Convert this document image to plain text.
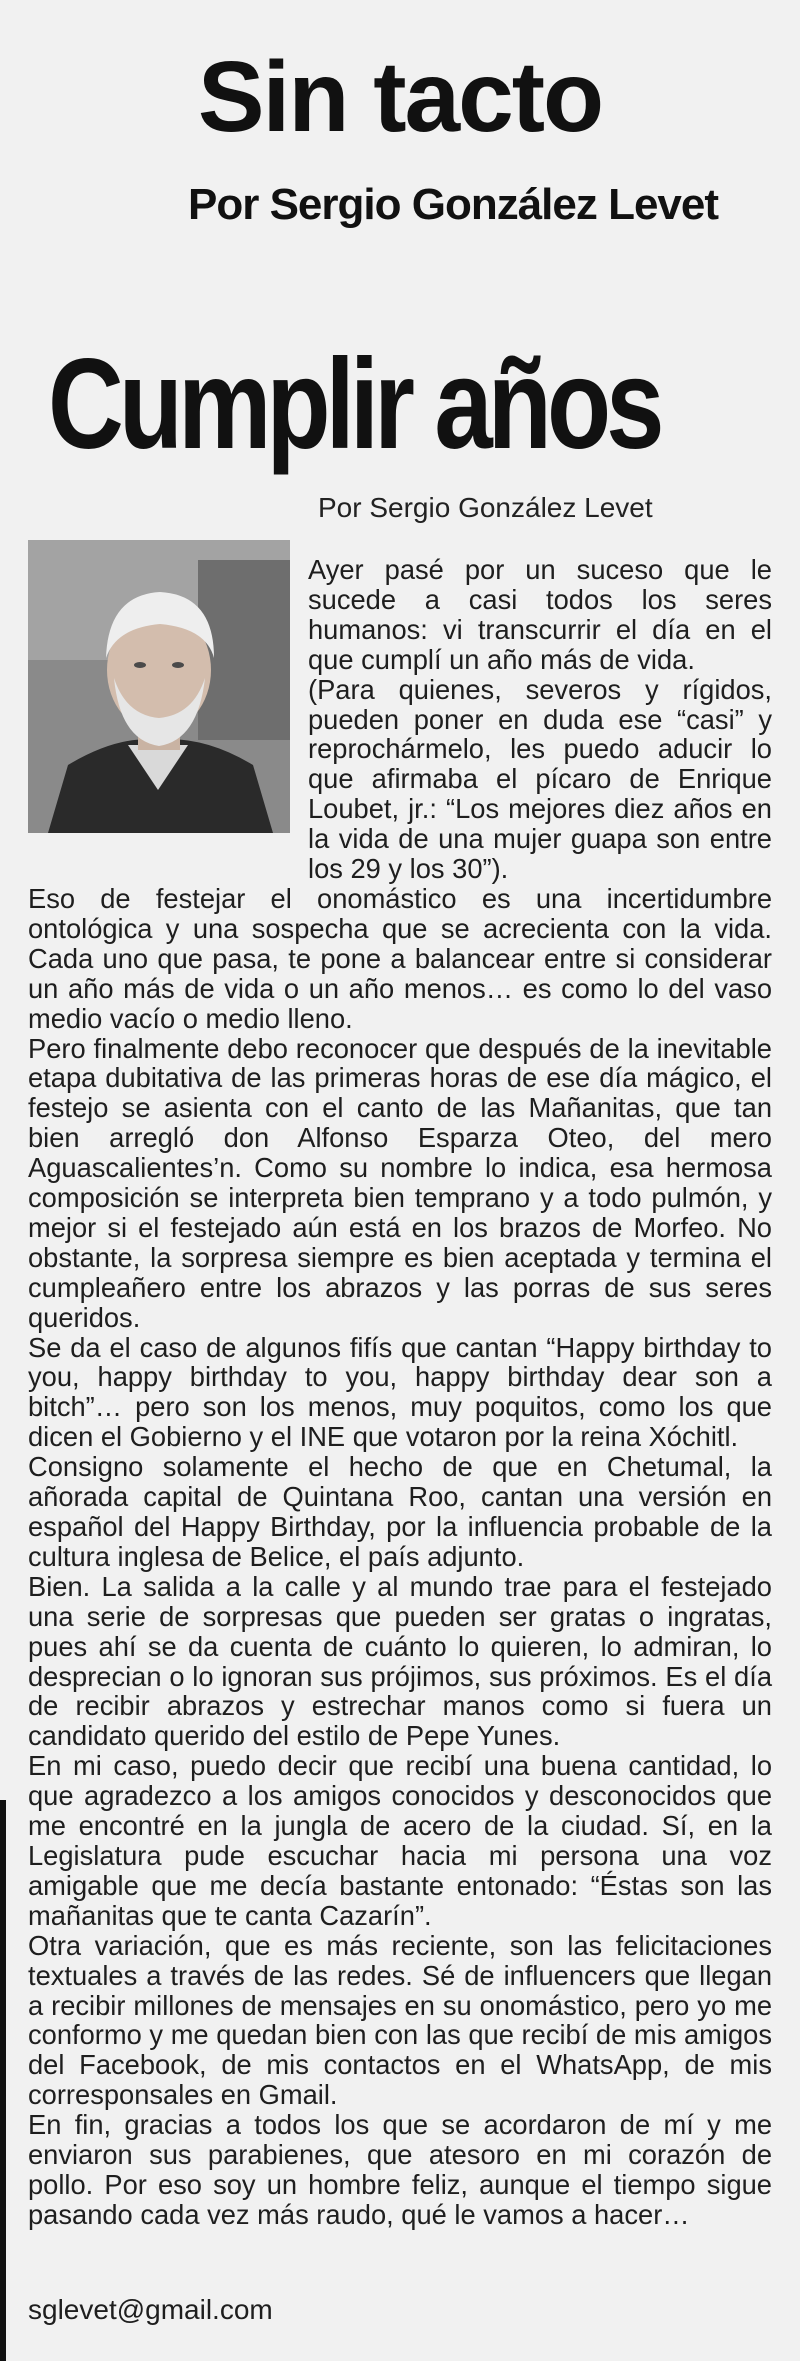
Sin tacto
Por Sergio González Levet
Cumplir años
Por Sergio González Levet

Ayer pasé por un suceso que le sucede a casi todos los seres humanos: vi transcurrir el día en el que cumplí un año más de vida.

(Para quienes, severos y rígidos, pueden poner en duda ese “casi” y reprochármelo, les puedo aducir lo que afirmaba el pícaro de Enrique Loubet, jr.: “Los mejores diez años en la vida de una mujer guapa son entre los 29 y los 30”).

Eso de festejar el onomástico es una incertidumbre ontológica y una sospecha que se acrecienta con la vida. Cada uno que pasa, te pone a balancear entre si considerar un año más de vida o un año menos… es como lo del vaso medio vacío o medio lleno.

Pero finalmente debo reconocer que después de la inevitable etapa dubitativa de las primeras horas de ese día mágico, el festejo se asienta con el canto de las Mañanitas, que tan bien arregló don Alfonso Esparza Oteo, del mero Aguascalientes’n. Como su nombre lo indica, esa hermosa composición se interpreta bien temprano y a todo pulmón, y mejor si el festejado aún está en los brazos de Morfeo. No obstante, la sorpresa siempre es bien aceptada y termina el cumpleañero entre los abrazos y las porras de sus seres queridos.

Se da el caso de algunos fifís que cantan “Happy birthday to you, happy birthday to you, happy birthday dear son a bitch”… pero son los menos, muy poquitos, como los que dicen el Gobierno y el INE que votaron por la reina Xóchitl.

Consigno solamente el hecho de que en Chetumal, la añorada capital de Quintana Roo, cantan una versión en español del Happy Birthday, por la influencia probable de la cultura inglesa de Belice, el país adjunto.

Bien. La salida a la calle y al mundo trae para el festejado una serie de sorpresas que pueden ser gratas o ingratas, pues ahí se da cuenta de cuánto lo quieren, lo admiran, lo desprecian o lo ignoran sus prójimos, sus próximos. Es el día de recibir abrazos y estrechar manos como si fuera un candidato querido del estilo de Pepe Yunes.

En mi caso, puedo decir que recibí una buena cantidad, lo que agradezco a los amigos conocidos y desconocidos que me encontré en la jungla de acero de la ciudad. Sí, en la Legislatura pude escuchar hacia mi persona una voz amigable que me decía bastante entonado: “Éstas son las mañanitas que te canta Cazarín”.

Otra variación, que es más reciente, son las felicitaciones textuales a través de las redes. Sé de influencers que llegan a recibir millones de mensajes en su onomástico, pero yo me conformo y me quedan bien con las que recibí de mis amigos del Facebook, de mis contactos en el WhatsApp, de mis corresponsales en Gmail.

En fin, gracias a todos los que se acordaron de mí y me enviaron sus parabienes, que atesoro en mi corazón de pollo. Por eso soy un hombre feliz, aunque el tiempo sigue pasando cada vez más raudo, qué le vamos a hacer…

sglevet@gmail.com
